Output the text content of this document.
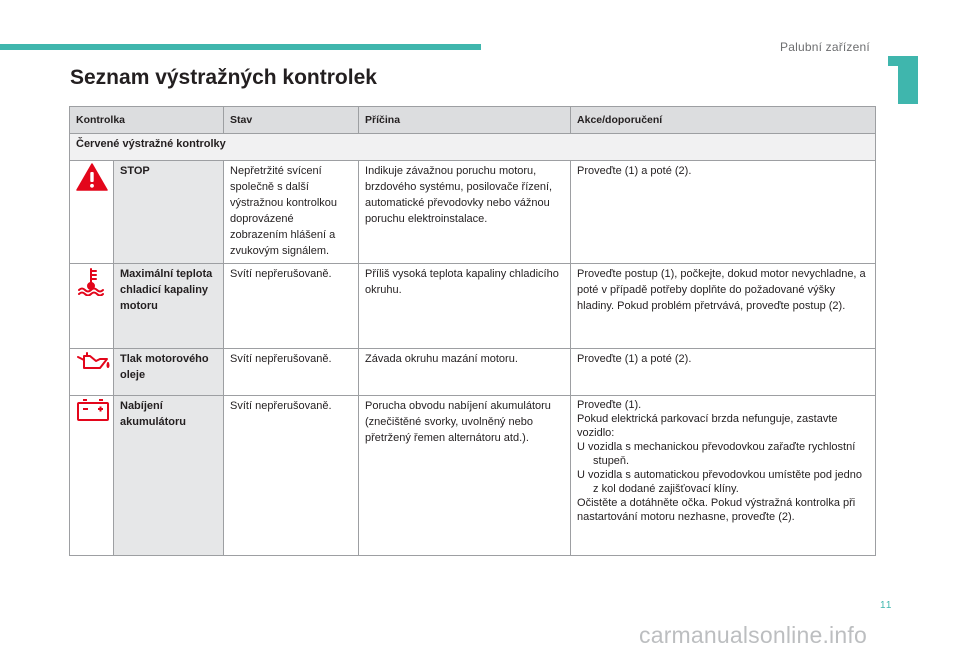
Palubní zařízení
Seznam výstražných kontrolek
Kontrolka		Stav	Příčina	Akce/doporučení
Červené výstražné kontrolky				
	STOP	Nepřetržité svícení společně s další výstražnou kontrolkou doprovázené zobrazením hlášení a zvukovým signálem.	Indikuje závažnou poruchu motoru, brzdového systému, posilovače řízení, automatické převodovky nebo vážnou poruchu elektroinstalace.	Proveďte (1) a poté (2).
	Maximální teplota chladicí kapaliny motoru	Svítí nepřerušovaně.	Příliš vysoká teplota kapaliny chladicího okruhu.	Proveďte postup (1), počkejte, dokud motor nevychladne, a poté v případě potřeby doplňte do požadované výšky hladiny. Pokud problém přetrvává, proveďte postup (2).
	Tlak motorového oleje	Svítí nepřerušovaně.	Závada okruhu mazání motoru.	Proveďte (1) a poté (2).
	Nabíjení akumulátoru	Svítí nepřerušovaně.	Porucha obvodu nabíjení akumulátoru (znečištěné svorky, uvolněný nebo přetržený řemen alternátoru atd.).	Proveďte (1).
Pokud elektrická parkovací brzda nefunguje, zastavte vozidlo:
U vozidla s mechanickou převodovkou zařaďte rychlostní stupeň.
U vozidla s automatickou převodovkou umístěte pod jedno z kol dodané zajišťovací klíny.
Očistěte a dotáhněte očka. Pokud výstražná kontrolka při nastartování motoru nezhasne, proveďte (2).
11
carmanualsonline.info
